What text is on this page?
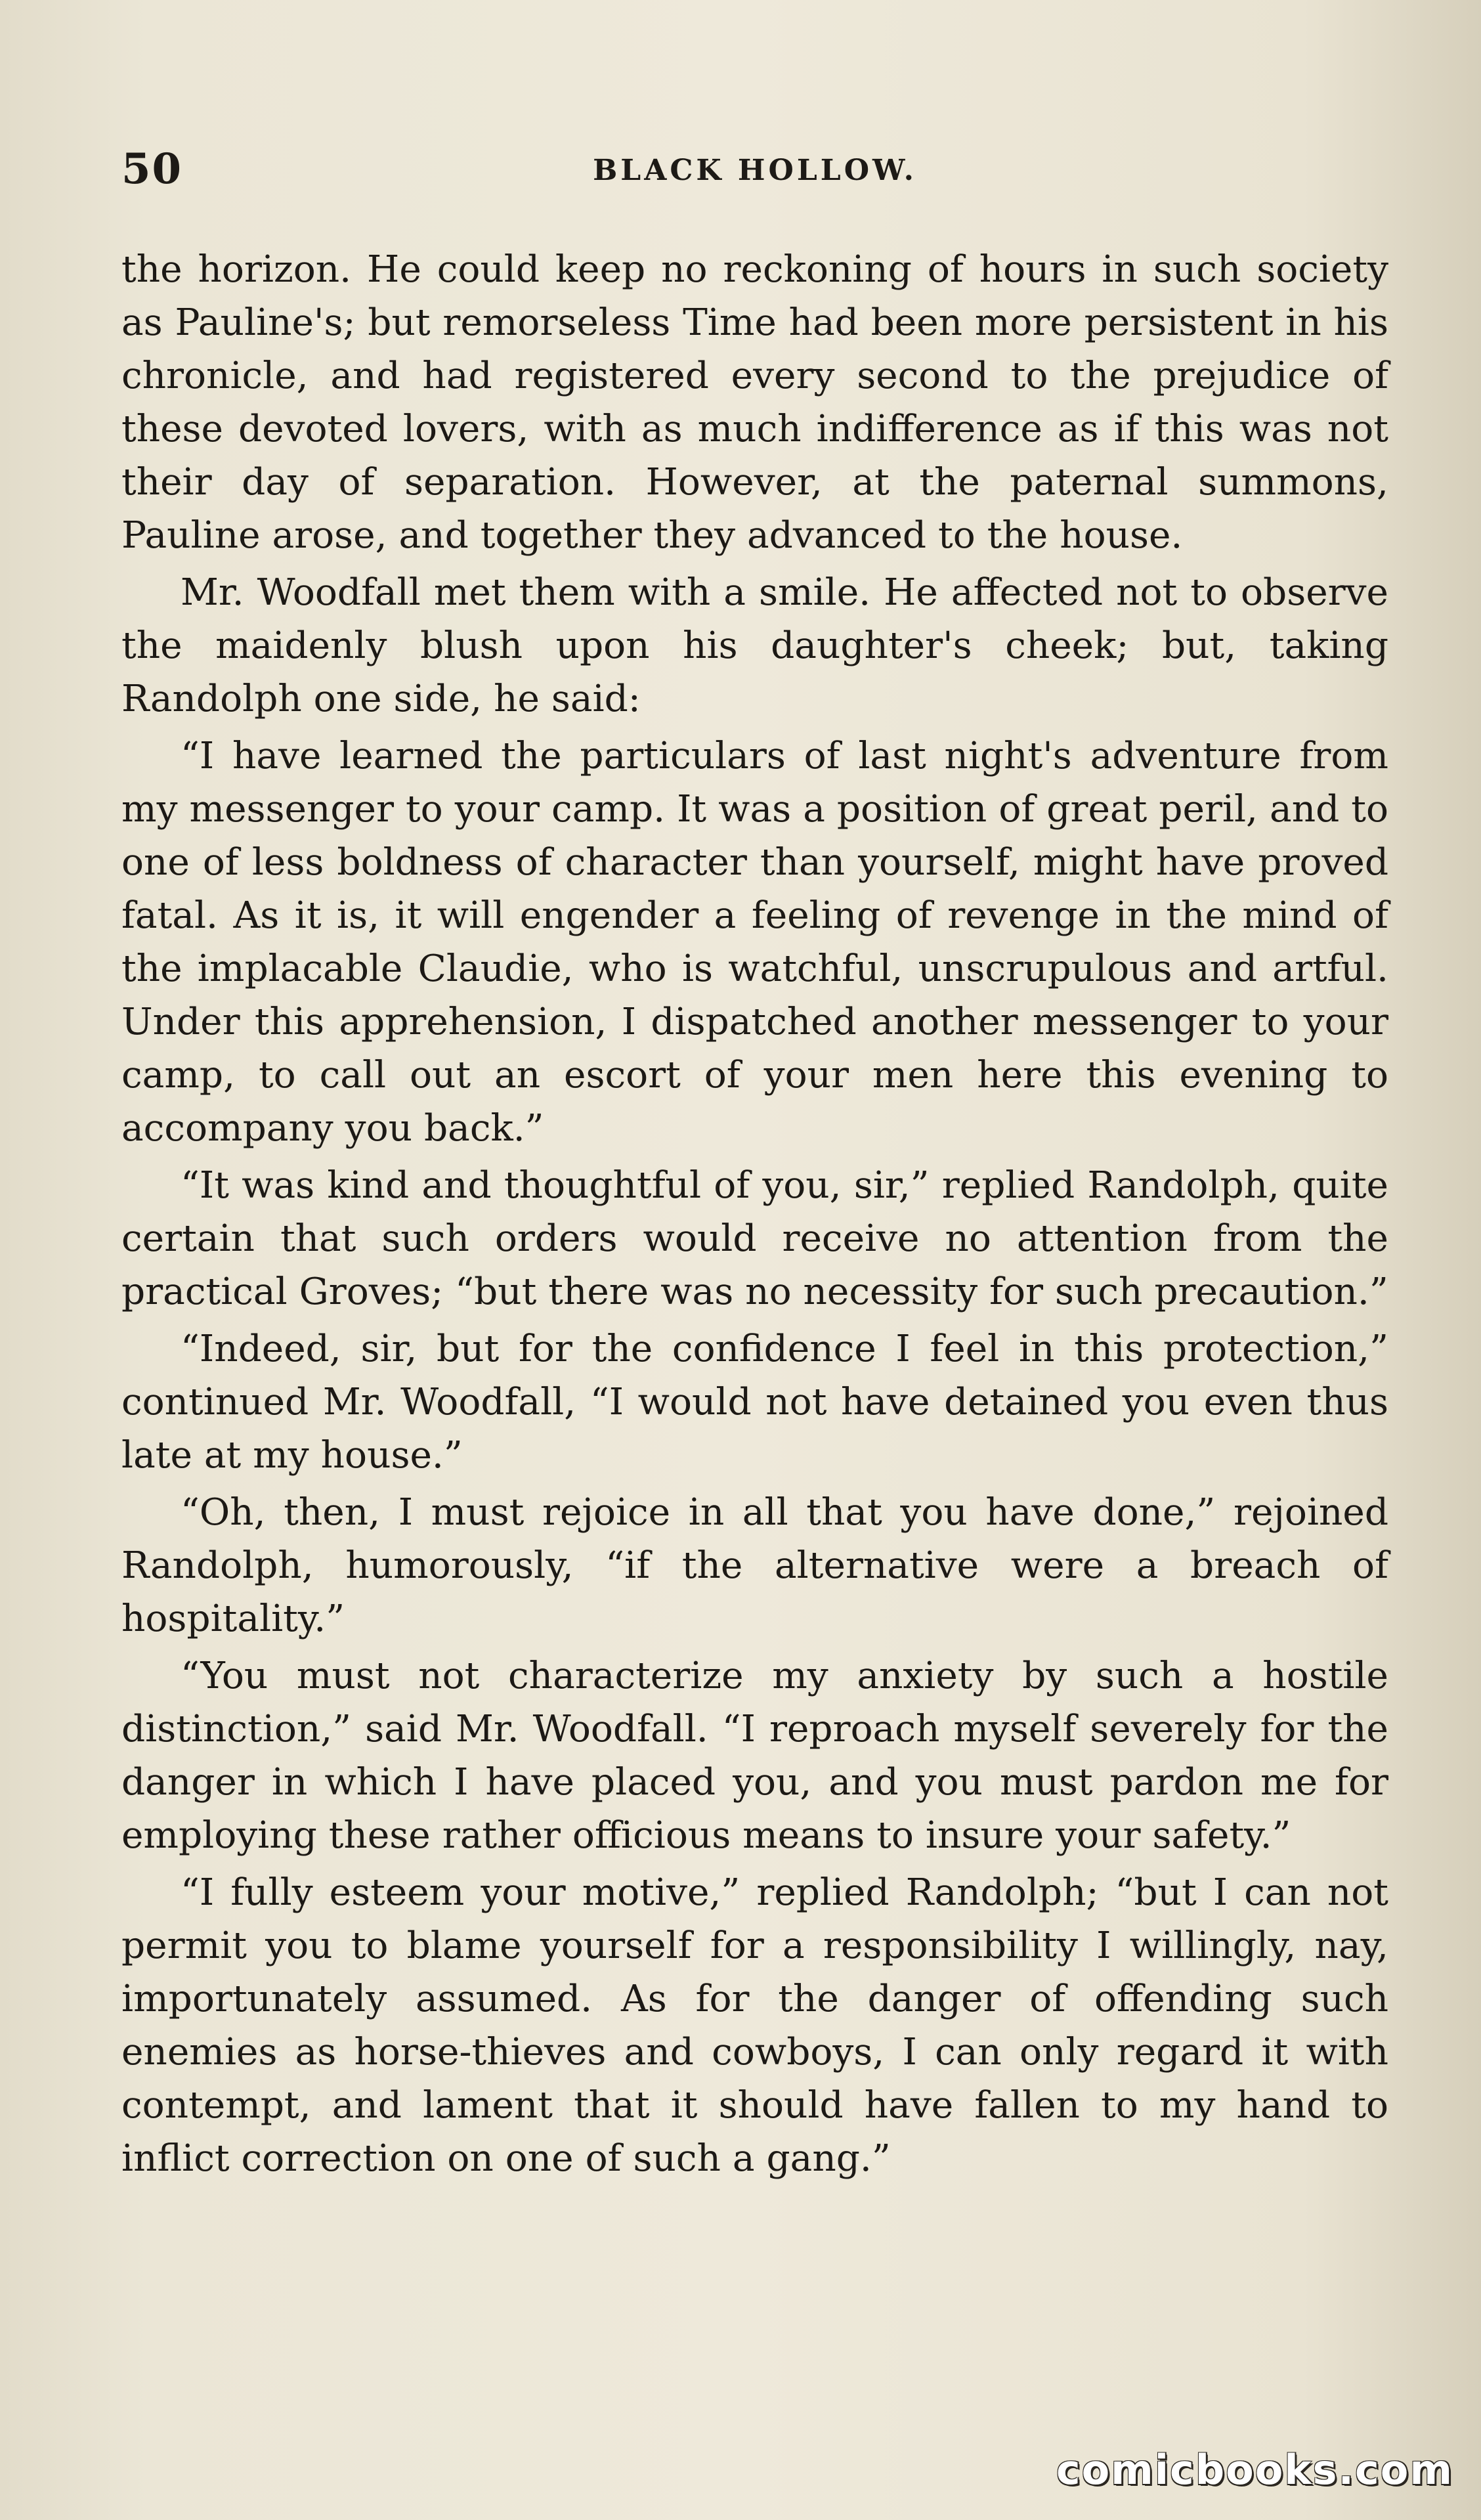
50	BLACK HOLLOW.

the horizon. He could keep no reckoning of hours in such society as Pauline's; but remorseless Time had been more persistent in his chronicle, and had registered every second to the prejudice of these devoted lovers, with as much indifference as if this was not their day of separation. However, at the paternal summons, Pauline arose, and together they advanced to the house.

Mr. Woodfall met them with a smile. He affected not to observe the maidenly blush upon his daughter's cheek; but, taking Randolph one side, he said:

“I have learned the particulars of last night's adventure from my messenger to your camp. It was a position of great peril, and to one of less boldness of character than yourself, might have proved fatal. As it is, it will engender a feeling of revenge in the mind of the implacable Claudie, who is watchful, unscrupulous and artful. Under this apprehension, I dispatched another messenger to your camp, to call out an escort of your men here this evening to accompany you back.”

“It was kind and thoughtful of you, sir,” replied Randolph, quite certain that such orders would receive no attention from the practical Groves; “but there was no necessity for such precaution.”

“Indeed, sir, but for the confidence I feel in this protection,” continued Mr. Woodfall, “I would not have detained you even thus late at my house.”

“Oh, then, I must rejoice in all that you have done,” rejoined Randolph, humorously, “if the alternative were a breach of hospitality.”

“You must not characterize my anxiety by such a hostile distinction,” said Mr. Woodfall. “I reproach myself severely for the danger in which I have placed you, and you must pardon me for employing these rather officious means to insure your safety.”

“I fully esteem your motive,” replied Randolph; “but I can not permit you to blame yourself for a responsibility I willingly, nay, importunately assumed. As for the danger of offending such enemies as horse-thieves and cowboys, I can only regard it with contempt, and lament that it should have fallen to my hand to inflict correction on one of such a gang.”

comicbooks.com
